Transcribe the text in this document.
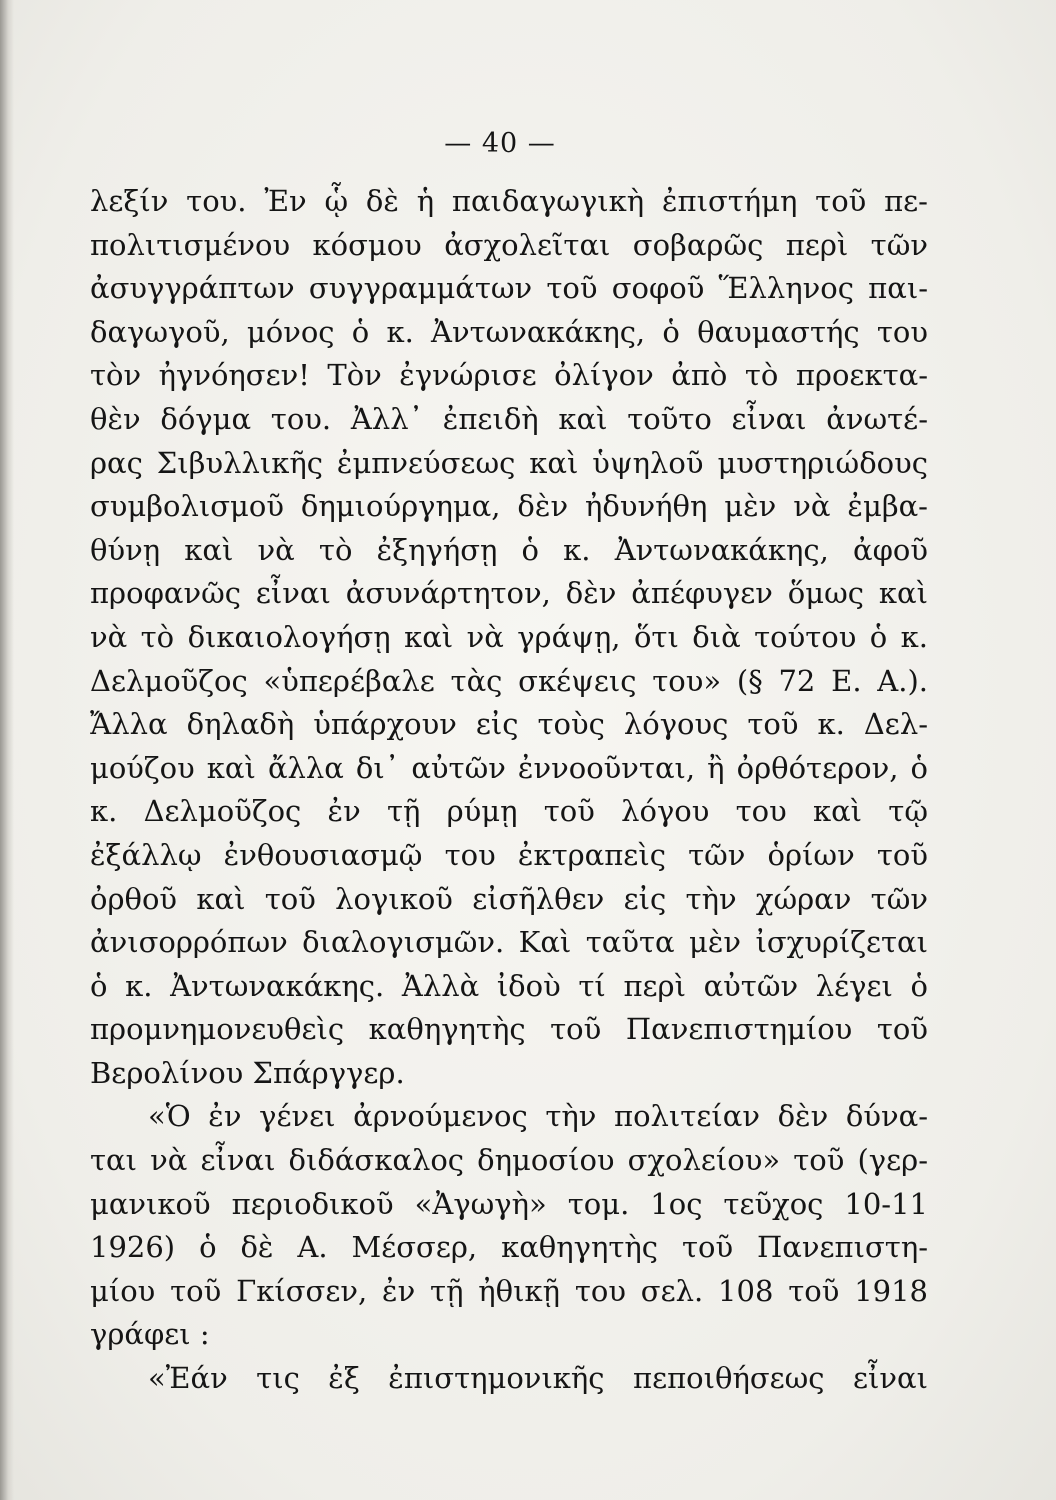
— 40 —
λεξίν του. Ἐν ᾧ δὲ ἡ παιδαγωγικὴ ἐπιστήμη τοῦ πε-
πολιτισμένου κόσμου ἀσχολεῖται σοβαρῶς περὶ τῶν
ἀσυγγράπτων συγγραμμάτων τοῦ σοφοῦ Ἕλληνος παι-
δαγωγοῦ, μόνος ὁ κ. Ἀντωνακάκης, ὁ θαυμαστής του
τὸν ἠγνόησεν! Τὸν ἐγνώρισε ὀλίγον ἀπὸ τὸ προεκτα-
θὲν δόγμα του. Ἀλλ᾿ ἐπειδὴ καὶ τοῦτο εἶναι ἀνωτέ-
ρας Σιβυλλικῆς ἐμπνεύσεως καὶ ὑψηλοῦ μυστηριώδους
συμβολισμοῦ δημιούργημα, δὲν ἠδυνήθη μὲν νὰ ἐμβα-
θύνῃ καὶ νὰ τὸ ἐξηγήσῃ ὁ κ. Ἀντωνακάκης, ἀφοῦ
προφανῶς εἶναι ἀσυνάρτητον, δὲν ἀπέφυγεν ὅμως καὶ
νὰ τὸ δικαιολογήσῃ καὶ νὰ γράψῃ, ὅτι διὰ τούτου ὁ κ.
Δελμοῦζος «ὑπερέβαλε τὰς σκέψεις του» (§ 72 Ε. Α.).
Ἄλλα δηλαδὴ ὑπάρχουν εἰς τοὺς λόγους τοῦ κ. Δελ-
μούζου καὶ ἄλλα δι᾿ αὐτῶν ἐννοοῦνται, ἢ ὀρθότερον, ὁ
κ. Δελμοῦζος ἐν τῇ ρύμῃ τοῦ λόγου του καὶ τῷ
ἐξάλλῳ ἐνθουσιασμῷ του ἐκτραπεὶς τῶν ὁρίων τοῦ
ὀρθοῦ καὶ τοῦ λογικοῦ εἰσῆλθεν εἰς τὴν χώραν τῶν
ἀνισορρόπων διαλογισμῶν. Καὶ ταῦτα μὲν ἰσχυρίζεται
ὁ κ. Ἀντωνακάκης. Ἀλλὰ ἰδοὺ τί περὶ αὐτῶν λέγει ὁ
προμνημονευθεὶς καθηγητὴς τοῦ Πανεπιστημίου τοῦ
Βερολίνου Σπάργγερ.
«Ὁ ἐν γένει ἀρνούμενος τὴν πολιτείαν δὲν δύνα-
ται νὰ εἶναι διδάσκαλος δημοσίου σχολείου» τοῦ (γερ-
μανικοῦ περιοδικοῦ «Ἀγωγὴ» τομ. 1ος τεῦχος 10-11
1926) ὁ δὲ Α. Μέσσερ, καθηγητὴς τοῦ Πανεπιστη-
μίου τοῦ Γκίσσεν, ἐν τῇ ἠθικῇ του σελ. 108 τοῦ 1918
γράφει :
«Ἐάν τις ἐξ ἐπιστημονικῆς πεποιθήσεως εἶναι
